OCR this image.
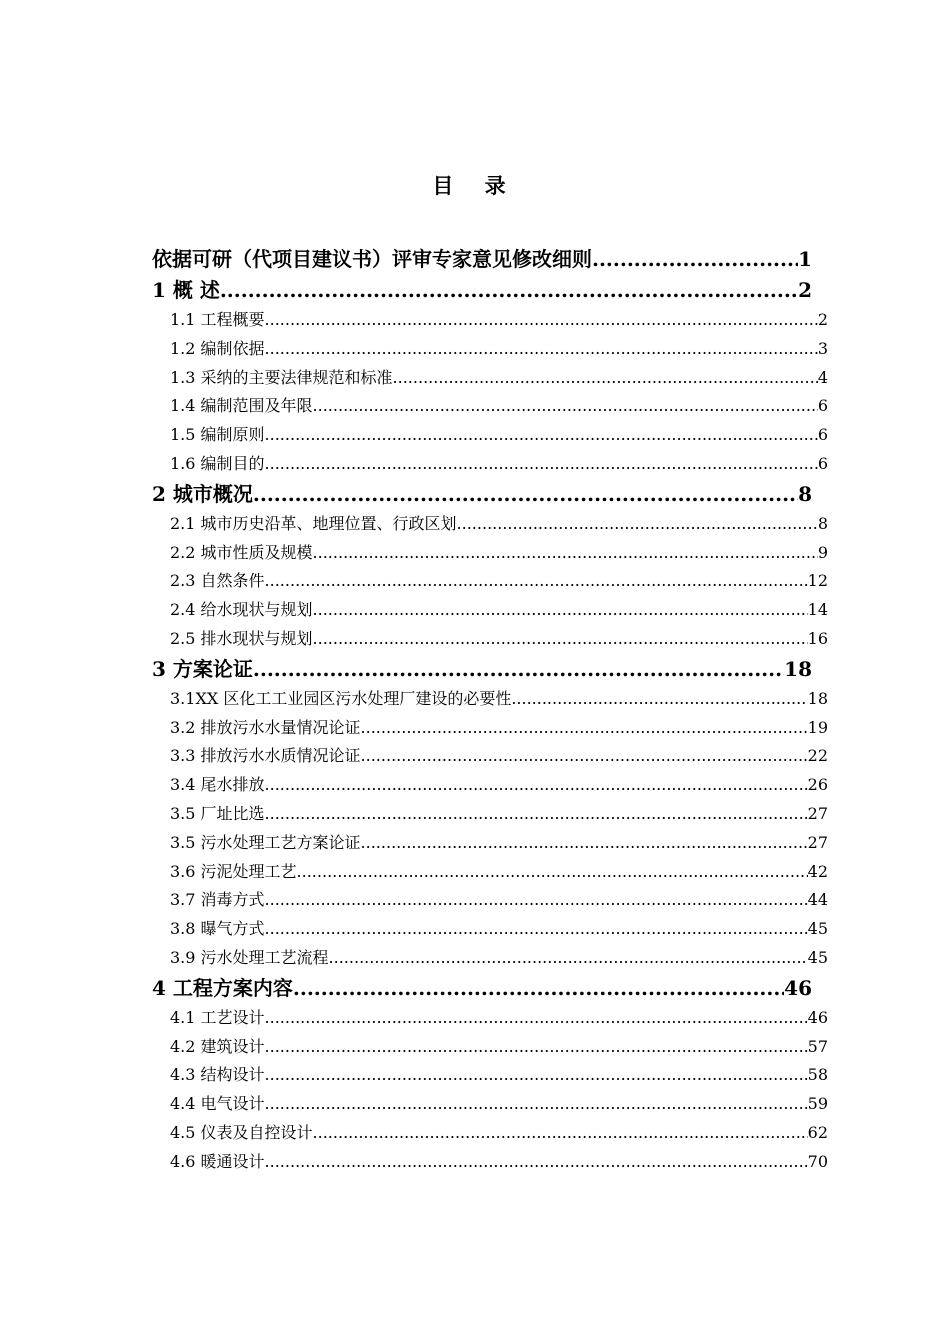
目 录
依据可研（代项目建议书）评审专家意见修改细则 .....	1
1 概 述 .....	2
1.1 工程概要 .....	2
1.2 编制依据 .....	3
1.3 采纳的主要法律规范和标准 .....	4
1.4 编制范围及年限 .....	6
1.5 编制原则 .....	6
1.6 编制目的 .....	6
2 城市概况 .....	8
2.1 城市历史沿革、地理位置、行政区划 .....	8
2.2 城市性质及规模 .....	9
2.3 自然条件 .....	12
2.4 给水现状与规划 .....	14
2.5 排水现状与规划 .....	16
3 方案论证 .....	18
3.1XX 区化工工业园区污水处理厂建设的必要性 .....	18
3.2 排放污水水量情况论证 .....	19
3.3 排放污水水质情况论证 .....	22
3.4 尾水排放 .....	26
3.5 厂址比选 .....	27
3.5 污水处理工艺方案论证 .....	27
3.6 污泥处理工艺 .....	42
3.7 消毒方式 .....	44
3.8 曝气方式 .....	45
3.9 污水处理工艺流程 .....	45
4 工程方案内容 .....	46
4.1 工艺设计 .....	46
4.2 建筑设计 .....	57
4.3 结构设计 .....	58
4.4 电气设计 .....	59
4.5 仪表及自控设计 .....	62
4.6 暖通设计 .....	70
